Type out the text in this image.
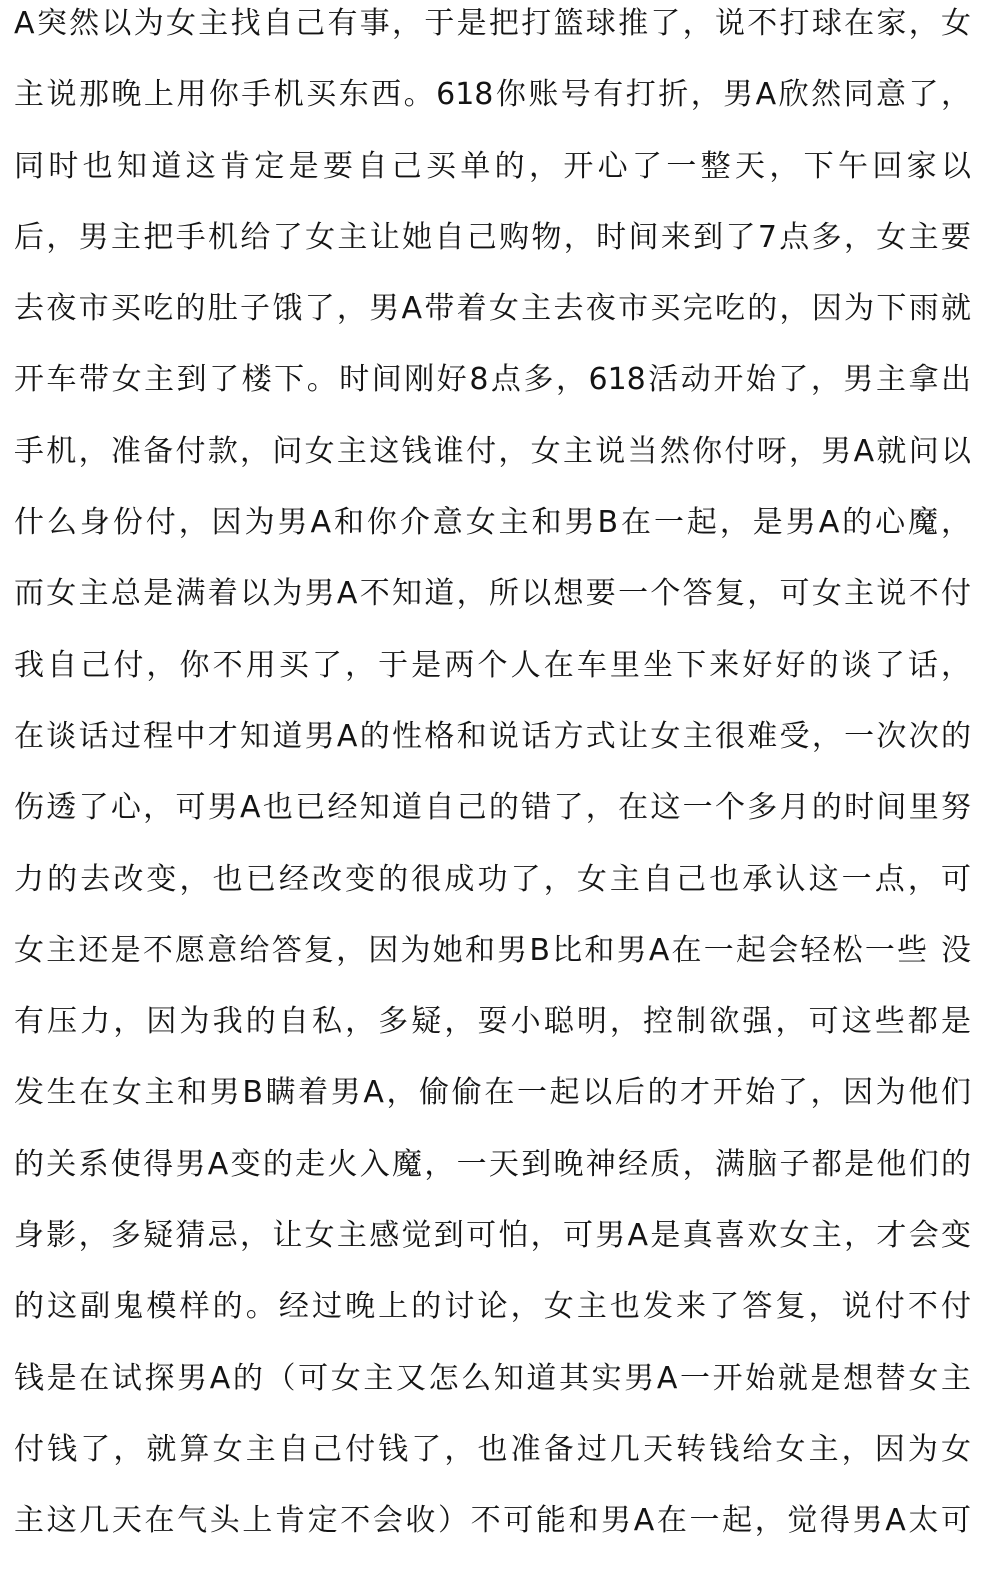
A突然以为女主找自己有事，于是把打篮球推了，说不打球在家，女
主说那晚上用你手机买东西。618你账号有打折，男A欣然同意了，
同时也知道这肯定是要自己买单的，开心了一整天，下午回家以
后，男主把手机给了女主让她自己购物，时间来到了7点多，女主要
去夜市买吃的肚子饿了，男A带着女主去夜市买完吃的，因为下雨就
开车带女主到了楼下。时间刚好8点多，618活动开始了，男主拿出
手机，准备付款，问女主这钱谁付，女主说当然你付呀，男A就问以
什么身份付，因为男A和你介意女主和男B在一起，是男A的心魔，
而女主总是满着以为男A不知道，所以想要一个答复，可女主说不付
我自己付，你不用买了，于是两个人在车里坐下来好好的谈了话，
在谈话过程中才知道男A的性格和说话方式让女主很难受，一次次的
伤透了心，可男A也已经知道自己的错了，在这一个多月的时间里努
力的去改变，也已经改变的很成功了，女主自己也承认这一点，可
女主还是不愿意给答复，因为她和男B比和男A在一起会轻松一些 没
有压力，因为我的自私，多疑，耍小聪明，控制欲强，可这些都是
发生在女主和男B瞒着男A，偷偷在一起以后的才开始了，因为他们
的关系使得男A变的走火入魔，一天到晚神经质，满脑子都是他们的
身影，多疑猜忌，让女主感觉到可怕，可男A是真喜欢女主，才会变
的这副鬼模样的。经过晚上的讨论，女主也发来了答复，说付不付
钱是在试探男A的（可女主又怎么知道其实男A一开始就是想替女主
付钱了，就算女主自己付钱了，也准备过几天转钱给女主，因为女
主这几天在气头上肯定不会收）不可能和男A在一起，觉得男A太可
